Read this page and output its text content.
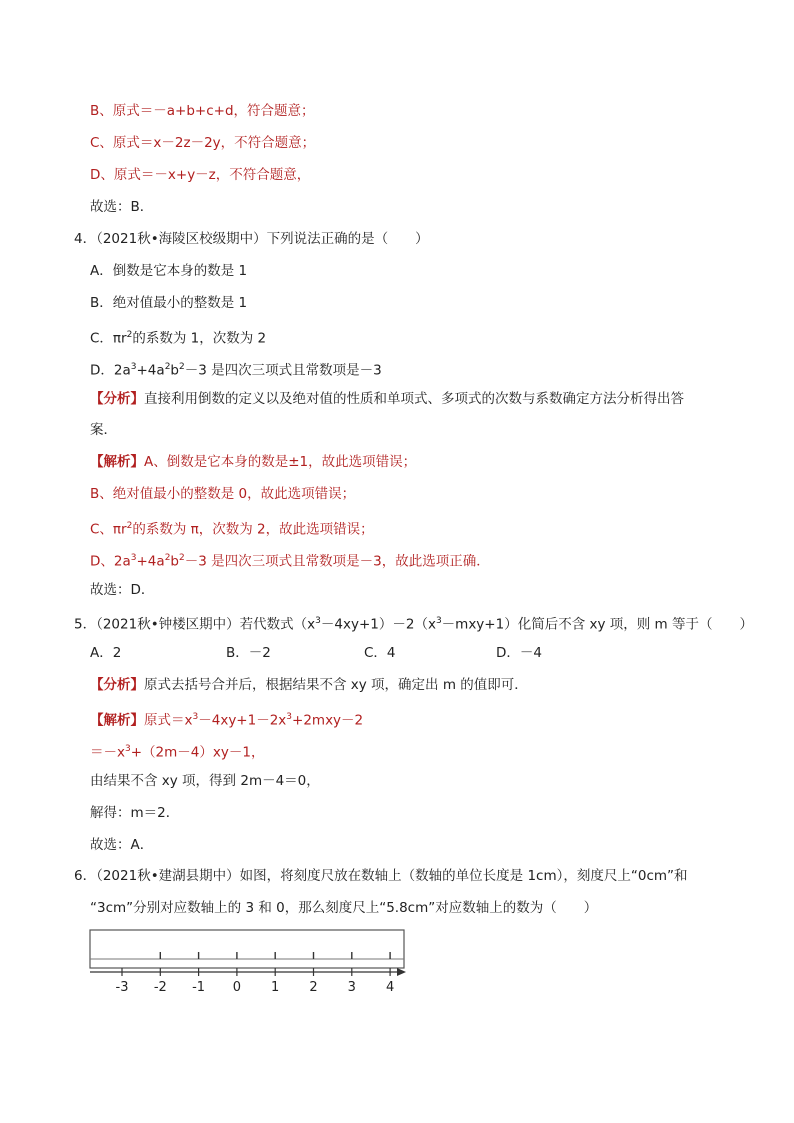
B、原式＝－a+b+c+d，符合题意；
C、原式＝x－2z－2y，不符合题意；
D、原式＝－x+y－z，不符合题意，
故选：B．
4．（2021秋•海陵区校级期中）下列说法正确的是（　　）
A．倒数是它本身的数是 1
B．绝对值最小的整数是 1
C．$\pi r^2$的系数为 1，次数为 2
D．$2a^3+4a^2b^2-3$ 是四次三项式且常数项是－3
【分析】直接利用倒数的定义以及绝对值的性质和单项式、多项式的次数与系数确定方法分析得出答
案．
【解析】A、倒数是它本身的数是±1，故此选项错误；
B、绝对值最小的整数是 0，故此选项错误；
C、$\pi r^2$的系数为 π，次数为 2，故此选项错误；
D、$2a^3+4a^2b^2-3$ 是四次三项式且常数项是－3，故此选项正确．
故选：D．
5．（2021秋•钟楼区期中）若代数式$(x^3-4xy+1)-2(x^3-mxy+1)$化简后不含 xy 项，则 m 等于（　　）
A．2	B．－2	C．4	D．－4
【分析】原式去括号合并后，根据结果不含 xy 项，确定出 m 的值即可．
【解析】原式$=x^3-4xy+1-2x^3+2mxy-2$
$=-x^3+(2m-4)xy-1$，
由结果不含 xy 项，得到 2m－4＝0，
解得：m＝2．
故选：A．
6．（2021秋•建湖县期中）如图，将刻度尺放在数轴上（数轴的单位长度是 1cm），刻度尺上“0cm”和
“3cm”分别对应数轴上的 3 和 0，那么刻度尺上“5.8cm”对应数轴上的数为（　　）
-3 -2 -1 0 1 2 3 4
